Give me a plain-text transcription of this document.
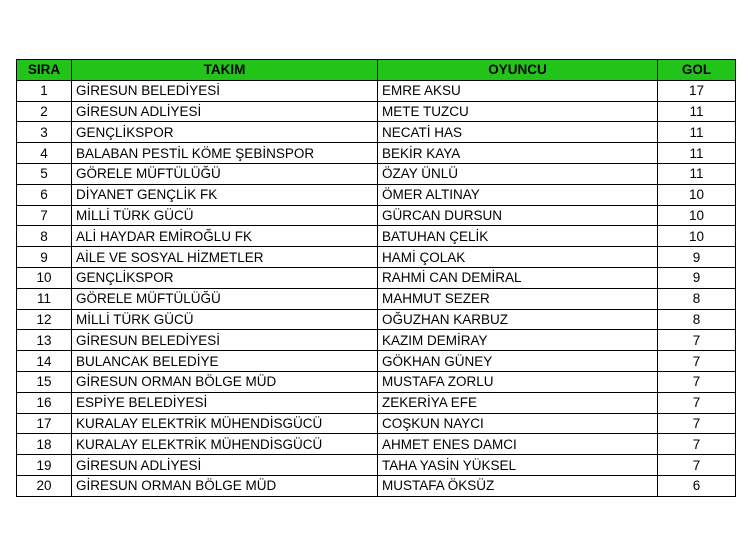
SIRA	TAKIM	OYUNCU	GOL
1	GİRESUN BELEDİYESİ	EMRE AKSU	17
2	GİRESUN ADLİYESİ	METE TUZCU	11
3	GENÇLİKSPOR	NECATİ HAS	11
4	BALABAN PESTİL KÖME ŞEBİNSPOR	BEKİR KAYA	11
5	GÖRELE MÜFTÜLÜĞÜ	ÖZAY ÜNLÜ	11
6	DİYANET GENÇLİK FK	ÖMER ALTINAY	10
7	MİLLİ TÜRK GÜCÜ	GÜRCAN DURSUN	10
8	ALİ HAYDAR EMİROĞLU FK	BATUHAN ÇELİK	10
9	AİLE VE SOSYAL HİZMETLER	HAMİ ÇOLAK	9
10	GENÇLİKSPOR	RAHMİ CAN DEMİRAL	9
11	GÖRELE MÜFTÜLÜĞÜ	MAHMUT SEZER	8
12	MİLLİ TÜRK GÜCÜ	OĞUZHAN KARBUZ	8
13	GİRESUN BELEDİYESİ	KAZIM DEMİRAY	7
14	BULANCAK BELEDİYE	GÖKHAN GÜNEY	7
15	GİRESUN ORMAN BÖLGE MÜD	MUSTAFA ZORLU	7
16	ESPİYE BELEDİYESİ	ZEKERİYA EFE	7
17	KURALAY ELEKTRİK MÜHENDİSGÜCÜ	COŞKUN NAYCI	7
18	KURALAY ELEKTRİK MÜHENDİSGÜCÜ	AHMET ENES DAMCI	7
19	GİRESUN ADLİYESİ	TAHA YASİN YÜKSEL	7
20	GİRESUN ORMAN BÖLGE MÜD	MUSTAFA ÖKSÜZ	6
